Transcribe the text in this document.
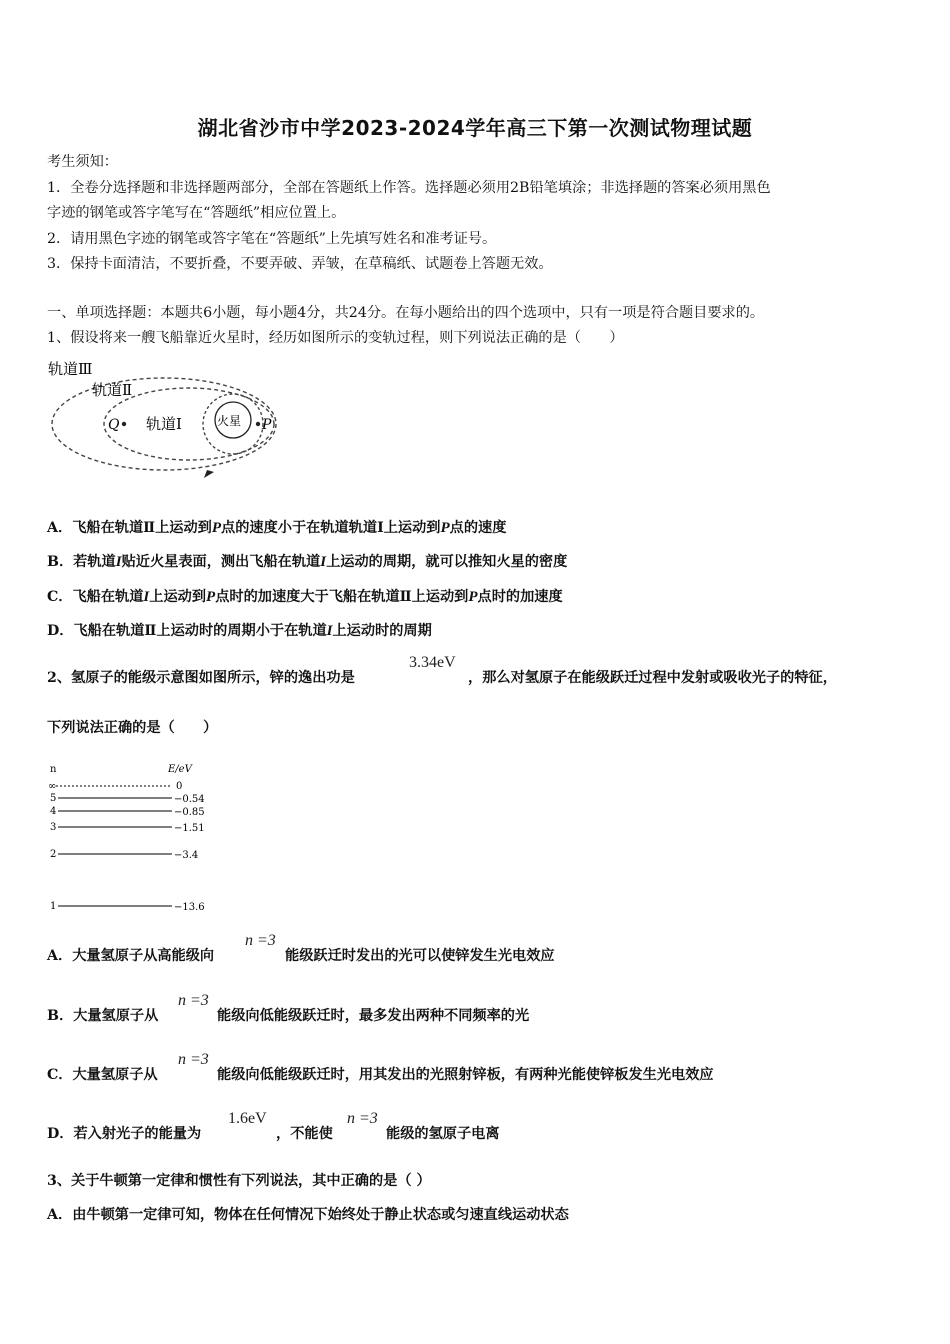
湖北省沙市中学2023-2024学年高三下第一次测试物理试题
考生须知：
1．全卷分选择题和非选择题两部分，全部在答题纸上作答。选择题必须用2B铅笔填涂；非选择题的答案必须用黑色
字迹的钢笔或答字笔写在“答题纸”相应位置上。
2．请用黑色字迹的钢笔或答字笔在“答题纸”上先填写姓名和准考证号。
3．保持卡面清洁，不要折叠，不要弄破、弄皱，在草稿纸、试题卷上答题无效。
一、单项选择题：本题共6小题，每小题4分，共24分。在每小题给出的四个选项中，只有一项是符合题目要求的。
1、假设将来一艘飞船靠近火星时，经历如图所示的变轨过程，则下列说法正确的是（　　）
轨道Ⅲ
轨道Ⅱ
轨道Ⅰ	火星
Q	P
A．飞船在轨道Ⅱ上运动到P点的速度小于在轨道轨道Ⅰ上运动到P点的速度
B．若轨道I贴近火星表面，测出飞船在轨道I上运动的周期，就可以推知火星的密度
C．飞船在轨道I上运动到P点时的加速度大于飞船在轨道Ⅱ上运动到P点时的加速度
D．飞船在轨道Ⅱ上运动时的周期小于在轨道I上运动时的周期
2、氢原子的能级示意图如图所示，锌的逸出功是
3.34eV
，那么对氢原子在能级跃迁过程中发射或吸收光子的特征，
下列说法正确的是（　　）
n	E/eV
∞	0
5	−0.54
4	−0.85
3	−1.51
2	−3.4
1	−13.6
A．大量氢原子从高能级向
n =3
能级跃迁时发出的光可以使锌发生光电效应
B．大量氢原子从
n =3
能级向低能级跃迁时，最多发出两种不同频率的光
C．大量氢原子从
n =3
能级向低能级跃迁时，用其发出的光照射锌板，有两种光能使锌板发生光电效应
D．若入射光子的能量为
1.6eV
，不能使
n =3
能级的氢原子电离
3、关于牛顿第一定律和惯性有下列说法，其中正确的是（ ）
A．由牛顿第一定律可知，物体在任何情况下始终处于静止状态或匀速直线运动状态
